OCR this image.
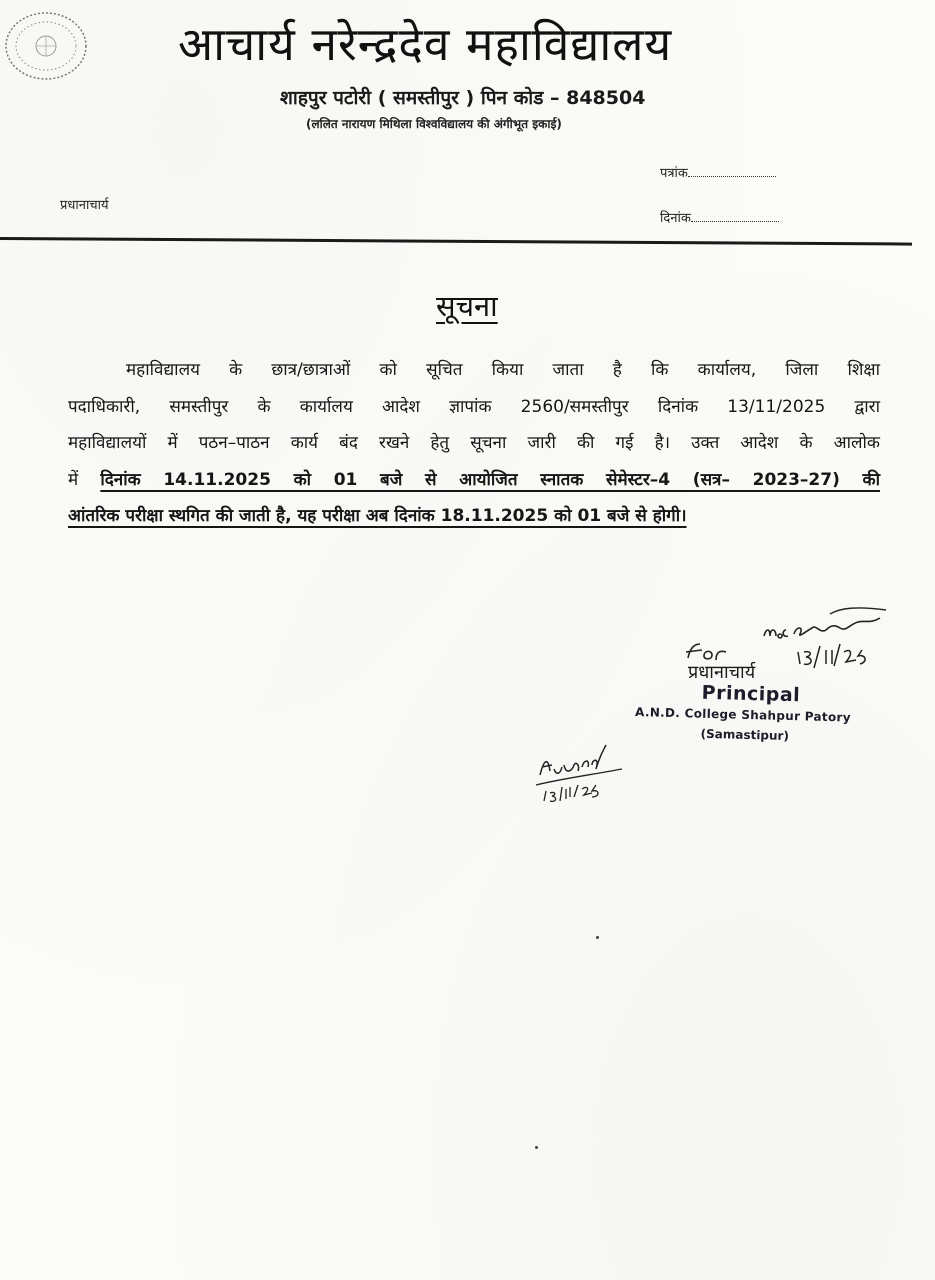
आचार्य नरेन्द्रदेव महाविद्यालय
शाहपुर पटोरी ( समस्तीपुर ) पिन कोड – 848504
(ललित नारायण मिथिला विश्वविद्यालय की अंगीभूत इकाई)
पत्रांक
प्रधानाचार्य
दिनांक
सूचना
महाविद्यालय के छात्र/छात्राओं को सूचित किया जाता है कि कार्यालय, जिला शिक्षा
पदाधिकारी, समस्तीपुर के कार्यालय आदेश ज्ञापांक 2560/समस्तीपुर दिनांक 13/11/2025 द्वारा
महाविद्यालयों में पठन–पाठन कार्य बंद रखने हेतु सूचना जारी की गई है। उक्त आदेश के आलोक
में दिनांक 14.11.2025 को 01 बजे से आयोजित स्नातक सेमेस्टर–4 (सत्र– 2023–27) की
आंतरिक परीक्षा स्थगित की जाती है, यह परीक्षा अब दिनांक 18.11.2025 को 01 बजे से होगी।
प्रधानाचार्य
Principal
A.N.D. College Shahpur Patory
(Samastipur)
